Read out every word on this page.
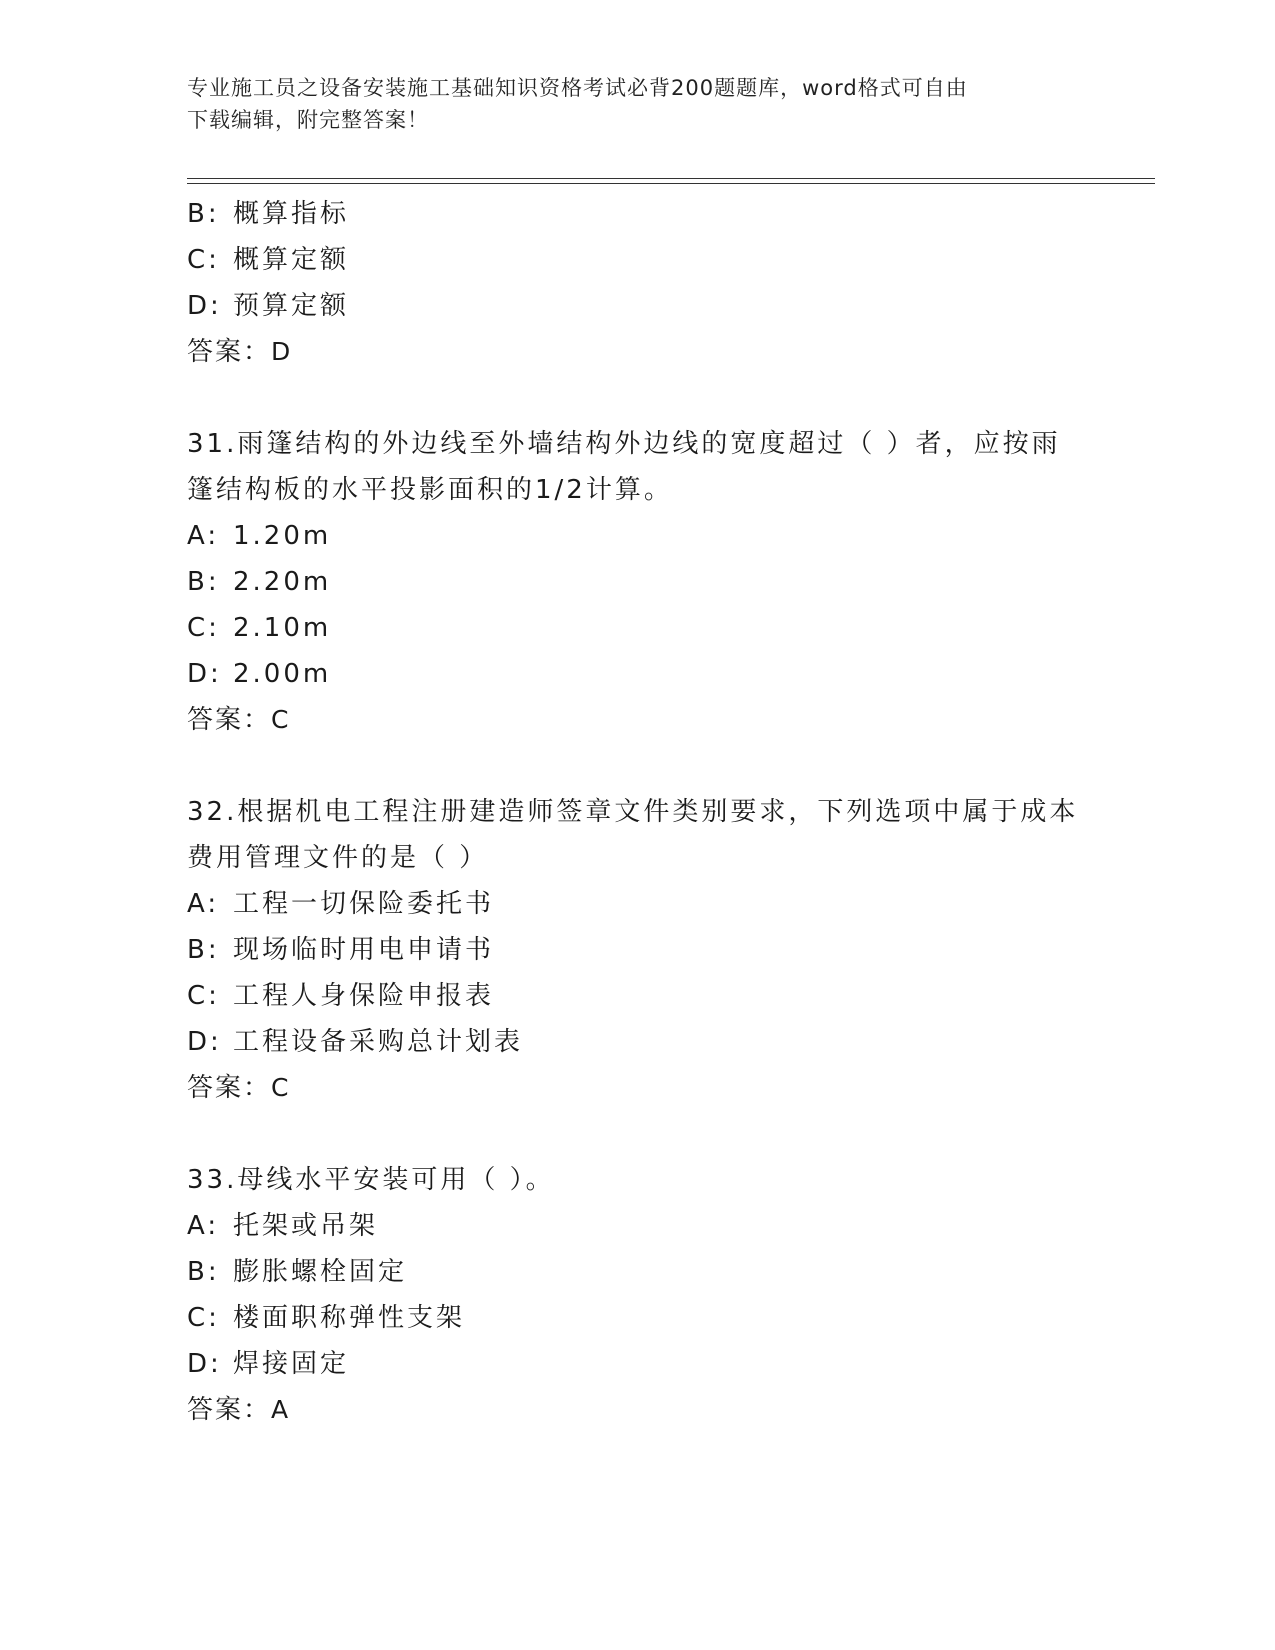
专业施工员之设备安装施工基础知识资格考试必背200题题库，word格式可自由
下载编辑，附完整答案！
B: 概算指标
C: 概算定额
D: 预算定额
答案：D
31.雨篷结构的外边线至外墙结构外边线的宽度超过（ ）者，应按雨
篷结构板的水平投影面积的1/2计算。
A: 1.20m
B: 2.20m
C: 2.10m
D: 2.00m
答案：C
32.根据机电工程注册建造师签章文件类别要求，下列选项中属于成本
费用管理文件的是（ ）
A: 工程一切保险委托书
B: 现场临时用电申请书
C: 工程人身保险申报表
D: 工程设备采购总计划表
答案：C
33.母线水平安装可用（ ）。
A: 托架或吊架
B: 膨胀螺栓固定
C: 楼面职称弹性支架
D: 焊接固定
答案：A
